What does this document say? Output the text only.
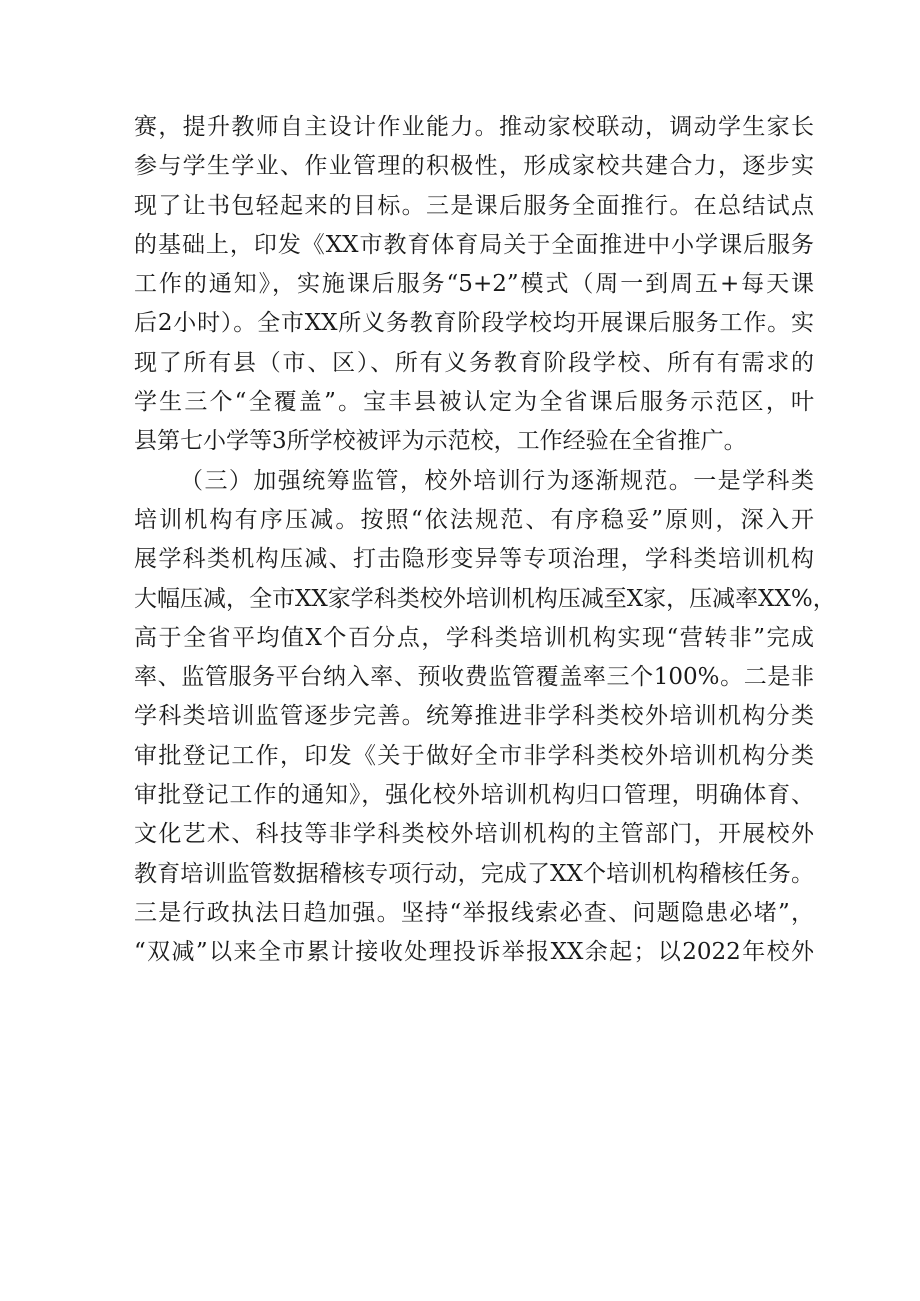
赛，提升教师自主设计作业能力。推动家校联动，调动学生家长
参与学生学业、作业管理的积极性，形成家校共建合力，逐步实
现了让书包轻起来的目标。三是课后服务全面推行。在总结试点
的基础上，印发《XX市教育体育局关于全面推进中小学课后服务
工作的通知》，实施课后服务“5+2”模式（周一到周五+每天课
后2小时）。全市XX所义务教育阶段学校均开展课后服务工作。实
现了所有县（市、区）、所有义务教育阶段学校、所有有需求的
学生三个“全覆盖”。宝丰县被认定为全省课后服务示范区，叶
县第七小学等3所学校被评为示范校，工作经验在全省推广。
（三）加强统筹监管，校外培训行为逐渐规范。一是学科类
培训机构有序压减。按照“依法规范、有序稳妥”原则，深入开
展学科类机构压减、打击隐形变异等专项治理，学科类培训机构
大幅压减，全市XX家学科类校外培训机构压减至X家，压减率XX%，
高于全省平均值X个百分点，学科类培训机构实现“营转非”完成
率、监管服务平台纳入率、预收费监管覆盖率三个100%。二是非
学科类培训监管逐步完善。统筹推进非学科类校外培训机构分类
审批登记工作，印发《关于做好全市非学科类校外培训机构分类
审批登记工作的通知》，强化校外培训机构归口管理，明确体育、
文化艺术、科技等非学科类校外培训机构的主管部门，开展校外
教育培训监管数据稽核专项行动，完成了XX个培训机构稽核任务。
三是行政执法日趋加强。坚持“举报线索必查、问题隐患必堵”，
“双减”以来全市累计接收处理投诉举报XX余起；以2022年校外
